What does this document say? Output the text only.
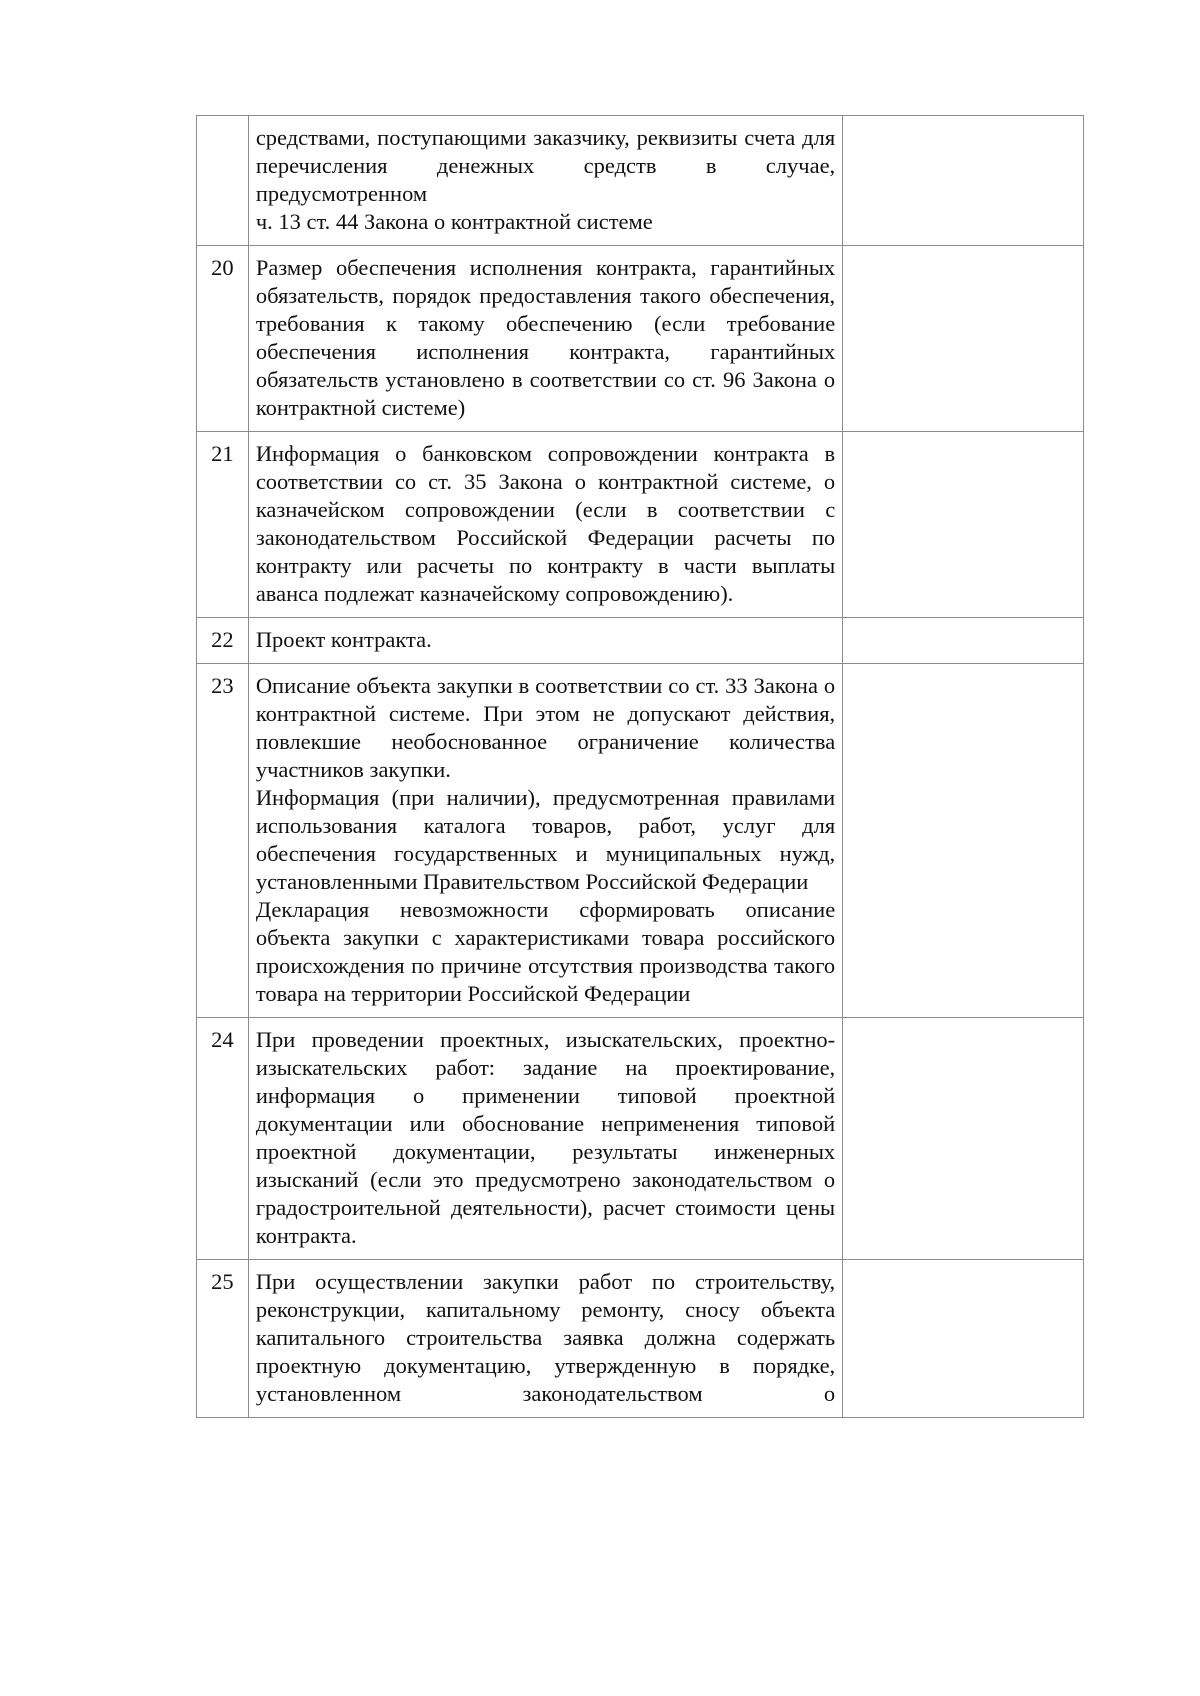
	средствами, поступающими заказчику, реквизиты счета для перечисления денежных средств в случае, предусмотренном
ч. 13 ст. 44 Закона о контрактной системе	

20	Размер обеспечения исполнения контракта, гарантийных обязательств, порядок предоставления такого обеспечения, требования к такому обеспечению (если требование обеспечения исполнения контракта, гарантийных обязательств установлено в соответствии со ст. 96 Закона о контрактной системе)	

21	Информация о банковском сопровождении контракта в соответствии со ст. 35 Закона о контрактной системе, о казначейском сопровождении (если в соответствии с законодательством Российской Федерации расчеты по контракту или расчеты по контракту в части выплаты аванса подлежат казначейскому сопровождению).	

22	Проект контракта.	

23	Описание объекта закупки в соответствии со ст. 33 Закона о контрактной системе. При этом не допускают действия, повлекшие необоснованное ограничение количества участников закупки.
Информация (при наличии), предусмотренная правилами использования каталога товаров, работ, услуг для обеспечения государственных и муниципальных нужд, установленными Правительством Российской Федерации
Декларация невозможности сформировать описание объекта закупки с характеристиками товара российского происхождения по причине отсутствия производства такого товара на территории Российской Федерации	

24	При проведении проектных, изыскательских, проектно-изыскательских работ: задание на проектирование, информация о применении типовой проектной документации или обоснование неприменения типовой проектной документации, результаты инженерных изысканий (если это предусмотрено законодательством о градостроительной деятельности), расчет стоимости цены контракта.	

25	При осуществлении закупки работ по строительству, реконструкции, капитальному ремонту, сносу объекта капитального строительства заявка должна содержать проектную документацию, утвержденную в порядке, установленном законодательством о	
